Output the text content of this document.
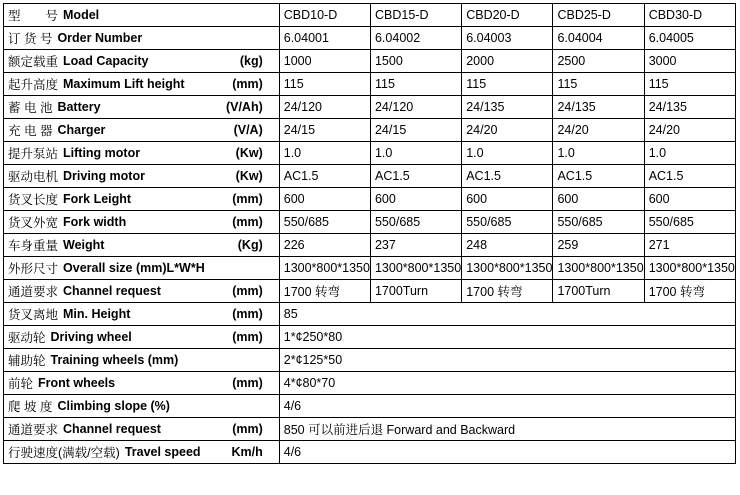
型　　号 Model	CBD10-D	CBD15-D	CBD20-D	CBD25-D	CBD30-D

订 货 号 Order Number	6.04001	6.04002	6.04003	6.04004	6.04005

额定载重 Load Capacity (kg)	1000	1500	2000	2500	3000

起升高度 Maximum Lift height (mm)	115	115	115	115	115

蓄 电 池 Battery (V/Ah)	24/120	24/120	24/135	24/135	24/135

充 电 器 Charger (V/A)	24/15	24/15	24/20	24/20	24/20

提升泵站 Lifting motor (Kw)	1.0	1.0	1.0	1.0	1.0

驱动电机 Driving motor (Kw)	AC1.5	AC1.5	AC1.5	AC1.5	AC1.5

货叉长度 Fork Leight (mm)	600	600	600	600	600

货叉外宽 Fork width (mm)	550/685	550/685	550/685	550/685	550/685

车身重量 Weight (Kg)	226	237	248	259	271

外形尺寸 Overall size (mm)L*W*H	1300*800*1350	1300*800*1350	1300*800*1350	1300*800*1350	1300*800*1350

通道要求 Channel request (mm)	1700 转弯	1700Turn	1700 转弯	1700Turn	1700 转弯

货叉离地 Min. Height (mm)	85				

驱动轮 Driving wheel (mm)	1*¢250*80				

辅助轮 Training wheels (mm)	2*¢125*50				

前轮 Front wheels (mm)	4*¢80*70				

爬 坡 度 Climbing slope (%)	4/6				

通道要求 Channel request (mm)	850 可以前进后退 Forward and Backward				

行驶速度(满载/空载) Travel speed Km/h	4/6				
